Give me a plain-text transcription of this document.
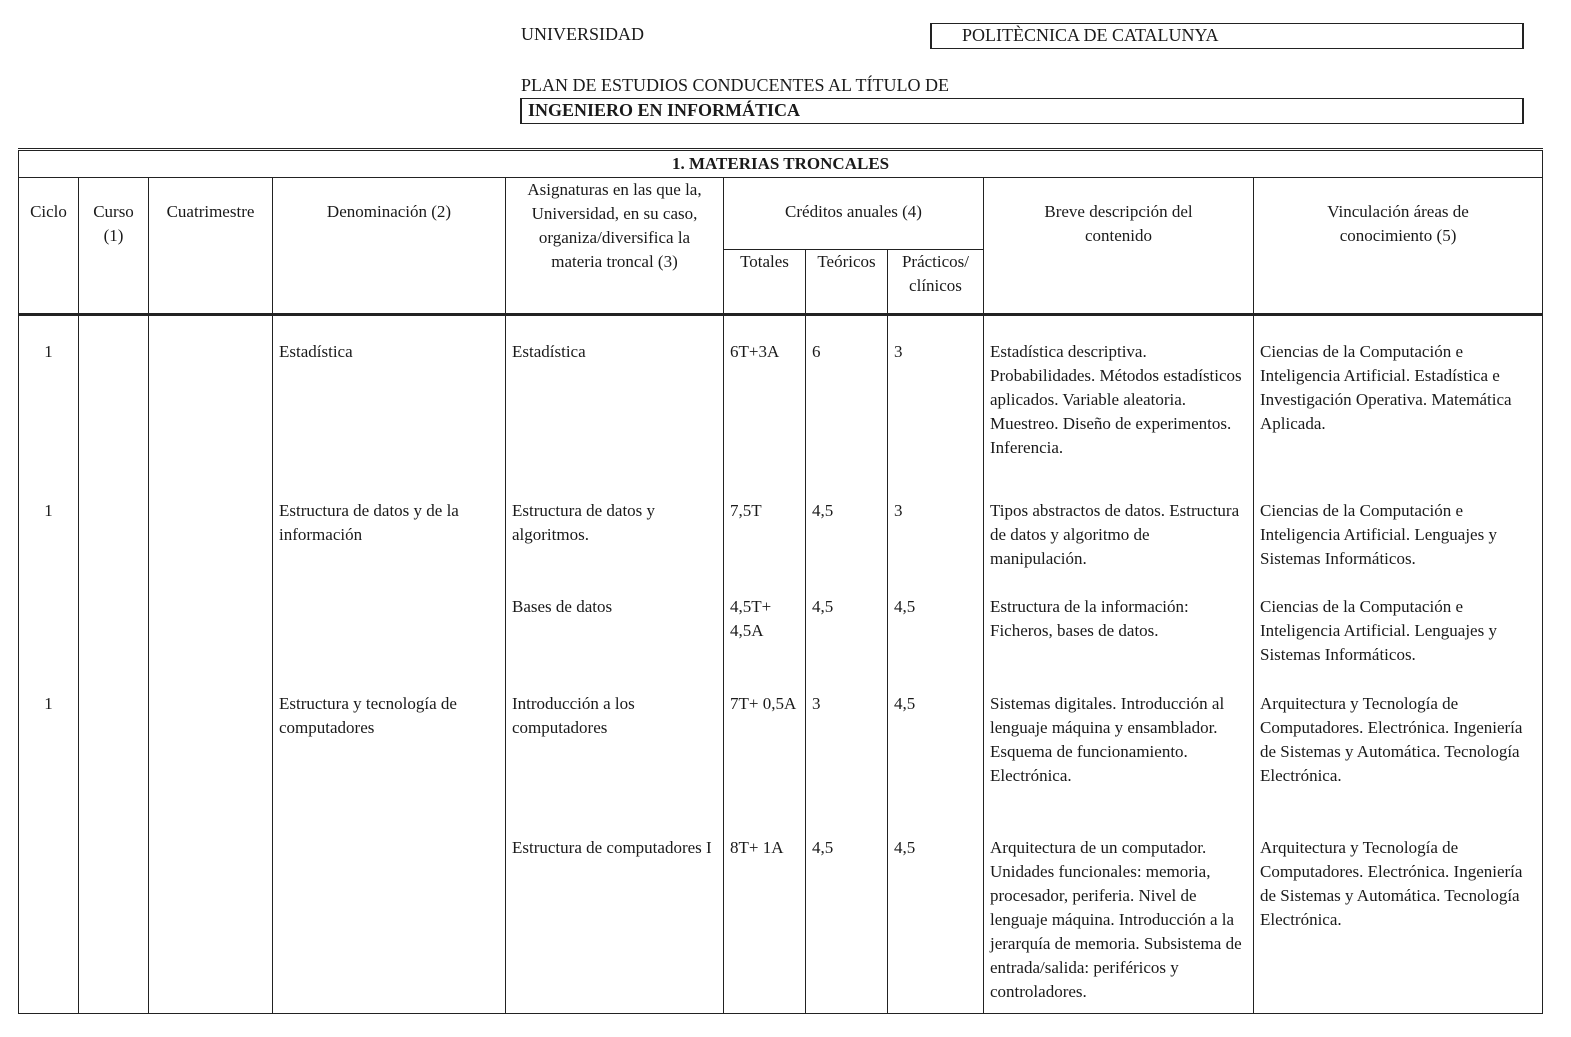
UNIVERSIDAD	POLITÈCNICA DE CATALUNYA
PLAN DE ESTUDIOS CONDUCENTES AL TÍTULO DE
INGENIERO EN INFORMÁTICA
1. MATERIAS TRONCALES									
Ciclo	Curso (1)	Cuatrimestre	Denominación (2)	Asignaturas en las que la, Universidad, en su caso, organiza/diversifica la materia troncal (3)	Créditos anuales (4)			Breve descripción del contenido	Vinculación áreas de conocimiento (5)
					Totales	Teóricos	Prácticos/ clínicos		
1			Estadística	Estadística	6T+3A	6	3	Estadística descriptiva. Probabilidades. Métodos estadísticos aplicados. Variable aleatoria. Muestreo. Diseño de experimentos. Inferencia.	Ciencias de la Computación e Inteligencia Artificial. Estadística e Investigación Operativa. Matemática Aplicada.
1			Estructura de datos y de la información	Estructura de datos y algoritmos.	7,5T	4,5	3	Tipos abstractos de datos. Estructura de datos y algoritmo de manipulación.	Ciencias de la Computación e Inteligencia Artificial. Lenguajes y Sistemas Informáticos.
				Bases de datos	4,5T+ 4,5A	4,5	4,5	Estructura de la información: Ficheros, bases de datos.	Ciencias de la Computación e Inteligencia Artificial. Lenguajes y Sistemas Informáticos.
1			Estructura y tecnología de computadores	Introducción a los computadores	7T+ 0,5A	3	4,5	Sistemas digitales. Introducción al lenguaje máquina y ensamblador. Esquema de funcionamiento. Electrónica.	Arquitectura y Tecnología de Computadores. Electrónica. Ingeniería de Sistemas y Automática. Tecnología Electrónica.
				Estructura de computadores I	8T+ 1A	4,5	4,5	Arquitectura de un computador. Unidades funcionales: memoria, procesador, periferia. Nivel de lenguaje máquina. Introducción a la jerarquía de memoria. Subsistema de entrada/salida: periféricos y controladores.	Arquitectura y Tecnología de Computadores. Electrónica. Ingeniería de Sistemas y Automática. Tecnología Electrónica.
